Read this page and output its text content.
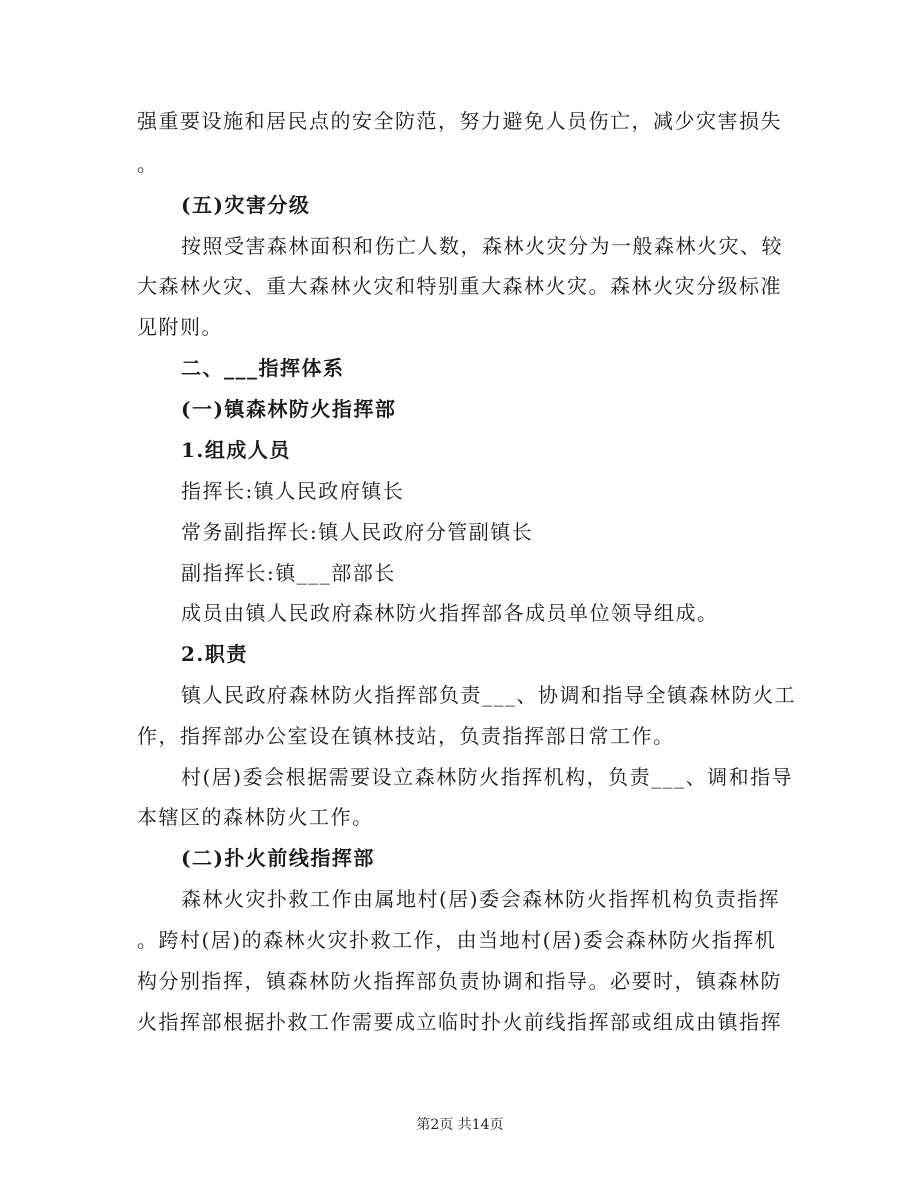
强重要设施和居民点的安全防范，努力避免人员伤亡，减少灾害损失
。
(五)灾害分级
按照受害森林面积和伤亡人数，森林火灾分为一般森林火灾、较
大森林火灾、重大森林火灾和特别重大森林火灾。森林火灾分级标准
见附则。
二、___指挥体系
(一)镇森林防火指挥部
1.组成人员
指挥长:镇人民政府镇长
常务副指挥长:镇人民政府分管副镇长
副指挥长:镇___部部长
成员由镇人民政府森林防火指挥部各成员单位领导组成。
2.职责
镇人民政府森林防火指挥部负责___、协调和指导全镇森林防火工
作，指挥部办公室设在镇林技站，负责指挥部日常工作。
村(居)委会根据需要设立森林防火指挥机构，负责___、调和指导
本辖区的森林防火工作。
(二)扑火前线指挥部
森林火灾扑救工作由属地村(居)委会森林防火指挥机构负责指挥
。跨村(居)的森林火灾扑救工作，由当地村(居)委会森林防火指挥机
构分别指挥，镇森林防火指挥部负责协调和指导。必要时，镇森林防
火指挥部根据扑救工作需要成立临时扑火前线指挥部或组成由镇指挥
第2页 共14页
